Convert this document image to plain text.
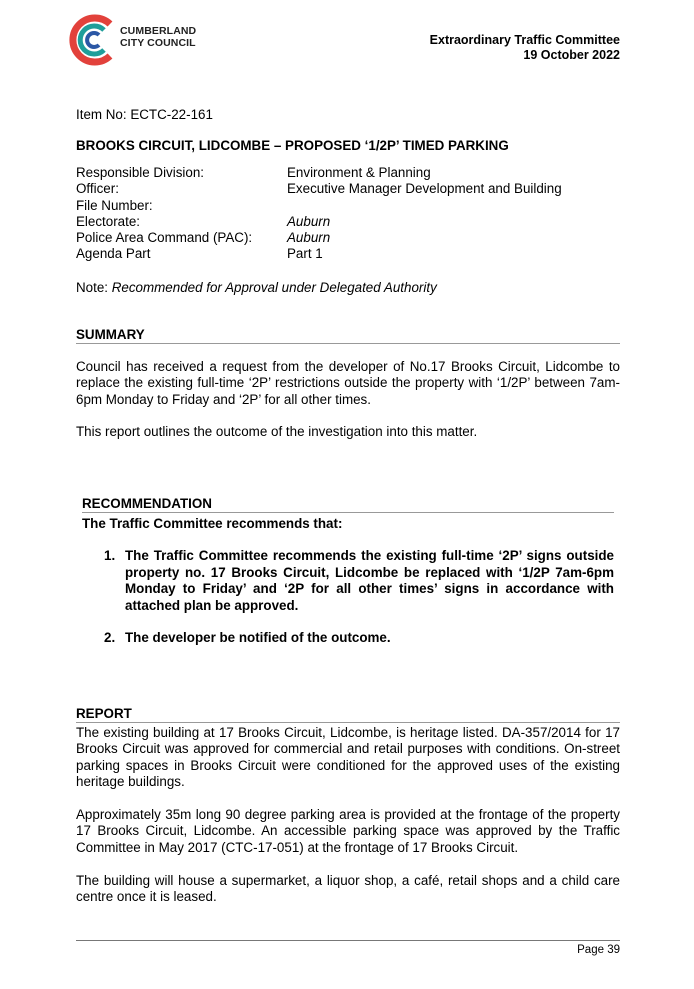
CUMBERLAND
CITY COUNCIL	Extraordinary Traffic Committee
19 October 2022
Item No: ECTC-22-161
BROOKS CIRCUIT, LIDCOMBE – PROPOSED ‘1/2P’ TIMED PARKING
Responsible Division:	Environment & Planning
Officer:	Executive Manager Development and Building
File Number:
Electorate:	Auburn
Police Area Command (PAC):	Auburn
Agenda Part	Part 1
Note: Recommended for Approval under Delegated Authority
SUMMARY
Council has received a request from the developer of No.17 Brooks Circuit, Lidcombe to replace the existing full-time ‘2P’ restrictions outside the property with ‘1/2P’ between 7am-6pm Monday to Friday and ‘2P’ for all other times.
This report outlines the outcome of the investigation into this matter.
RECOMMENDATION
The Traffic Committee recommends that:
1. The Traffic Committee recommends the existing full-time ‘2P’ signs outside property no. 17 Brooks Circuit, Lidcombe be replaced with ‘1/2P 7am-6pm Monday to Friday’ and ‘2P for all other times’ signs in accordance with attached plan be approved.
2. The developer be notified of the outcome.
REPORT
The existing building at 17 Brooks Circuit, Lidcombe, is heritage listed. DA-357/2014 for 17 Brooks Circuit was approved for commercial and retail purposes with conditions. On-street parking spaces in Brooks Circuit were conditioned for the approved uses of the existing heritage buildings.
Approximately 35m long 90 degree parking area is provided at the frontage of the property 17 Brooks Circuit, Lidcombe. An accessible parking space was approved by the Traffic Committee in May 2017 (CTC-17-051) at the frontage of 17 Brooks Circuit.
The building will house a supermarket, a liquor shop, a café, retail shops and a child care centre once it is leased.
Page 39
